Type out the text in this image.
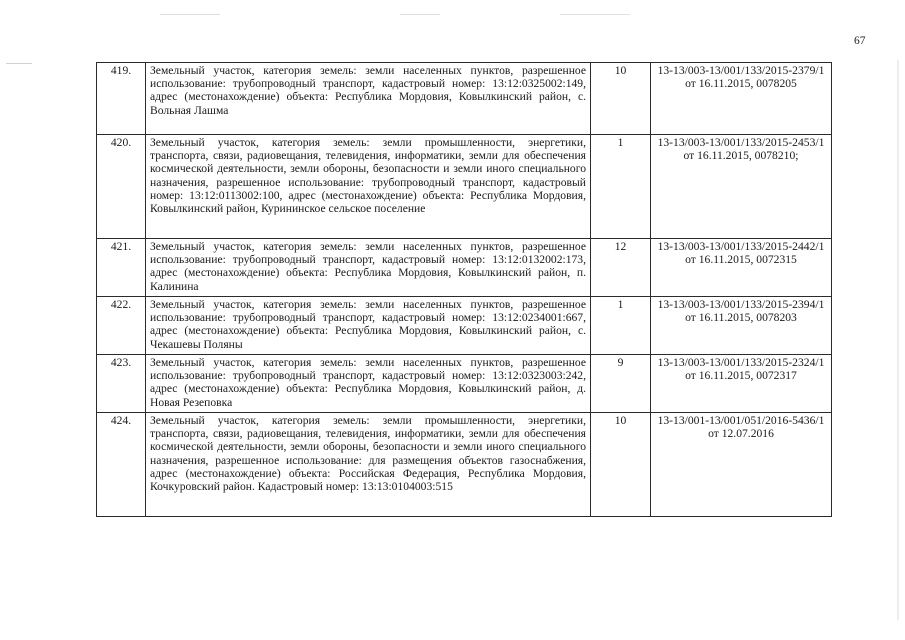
67
419.	Земельный участок, категория земель: земли населенных пунктов, разрешенное использование: трубопроводный транспорт, кадастровый номер: 13:12:0325002:149, адрес (местонахождение) объекта: Республика Мордовия, Ковылкинский район, с. Вольная Лашма	10	13-13/003-13/001/133/2015-2379/1 от 16.11.2015, 0078205
420.	Земельный участок, категория земель: земли промышленности, энергетики, транспорта, связи, радиовещания, телевидения, информатики, земли для обеспечения космической деятельности, земли обороны, безопасности и земли иного специального назначения, разрешенное использование: трубопроводный транспорт, кадастровый номер: 13:12:0113002:100, адрес (местонахождение) объекта: Республика Мордовия, Ковылкинский район, Курининское сельское поселение	1	13-13/003-13/001/133/2015-2453/1 от 16.11.2015, 0078210;
421.	Земельный участок, категория земель: земли населенных пунктов, разрешенное использование: трубопроводный транспорт, кадастровый номер: 13:12:0132002:173, адрес (местонахождение) объекта: Республика Мордовия, Ковылкинский район, п. Калинина	12	13-13/003-13/001/133/2015-2442/1 от 16.11.2015, 0072315
422.	Земельный участок, категория земель: земли населенных пунктов, разрешенное использование: трубопроводный транспорт, кадастровый номер: 13:12:0234001:667, адрес (местонахождение) объекта: Республика Мордовия, Ковылкинский район, с. Чекашевы Поляны	1	13-13/003-13/001/133/2015-2394/1 от 16.11.2015, 0078203
423.	Земельный участок, категория земель: земли населенных пунктов, разрешенное использование: трубопроводный транспорт, кадастровый номер: 13:12:0323003:242, адрес (местонахождение) объекта: Республика Мордовия, Ковылкинский район, д. Новая Резеповка	9	13-13/003-13/001/133/2015-2324/1 от 16.11.2015, 0072317
424.	Земельный участок, категория земель: земли промышленности, энергетики, транспорта, связи, радиовещания, телевидения, информатики, земли для обеспечения космической деятельности, земли обороны, безопасности и земли иного специального назначения, разрешенное использование: для размещения объектов газоснабжения, адрес (местонахождение) объекта: Российская Федерация, Республика Мордовия, Кочкуровский район. Кадастровый номер: 13:13:0104003:515	10	13-13/001-13/001/051/2016-5436/1 от 12.07.2016
